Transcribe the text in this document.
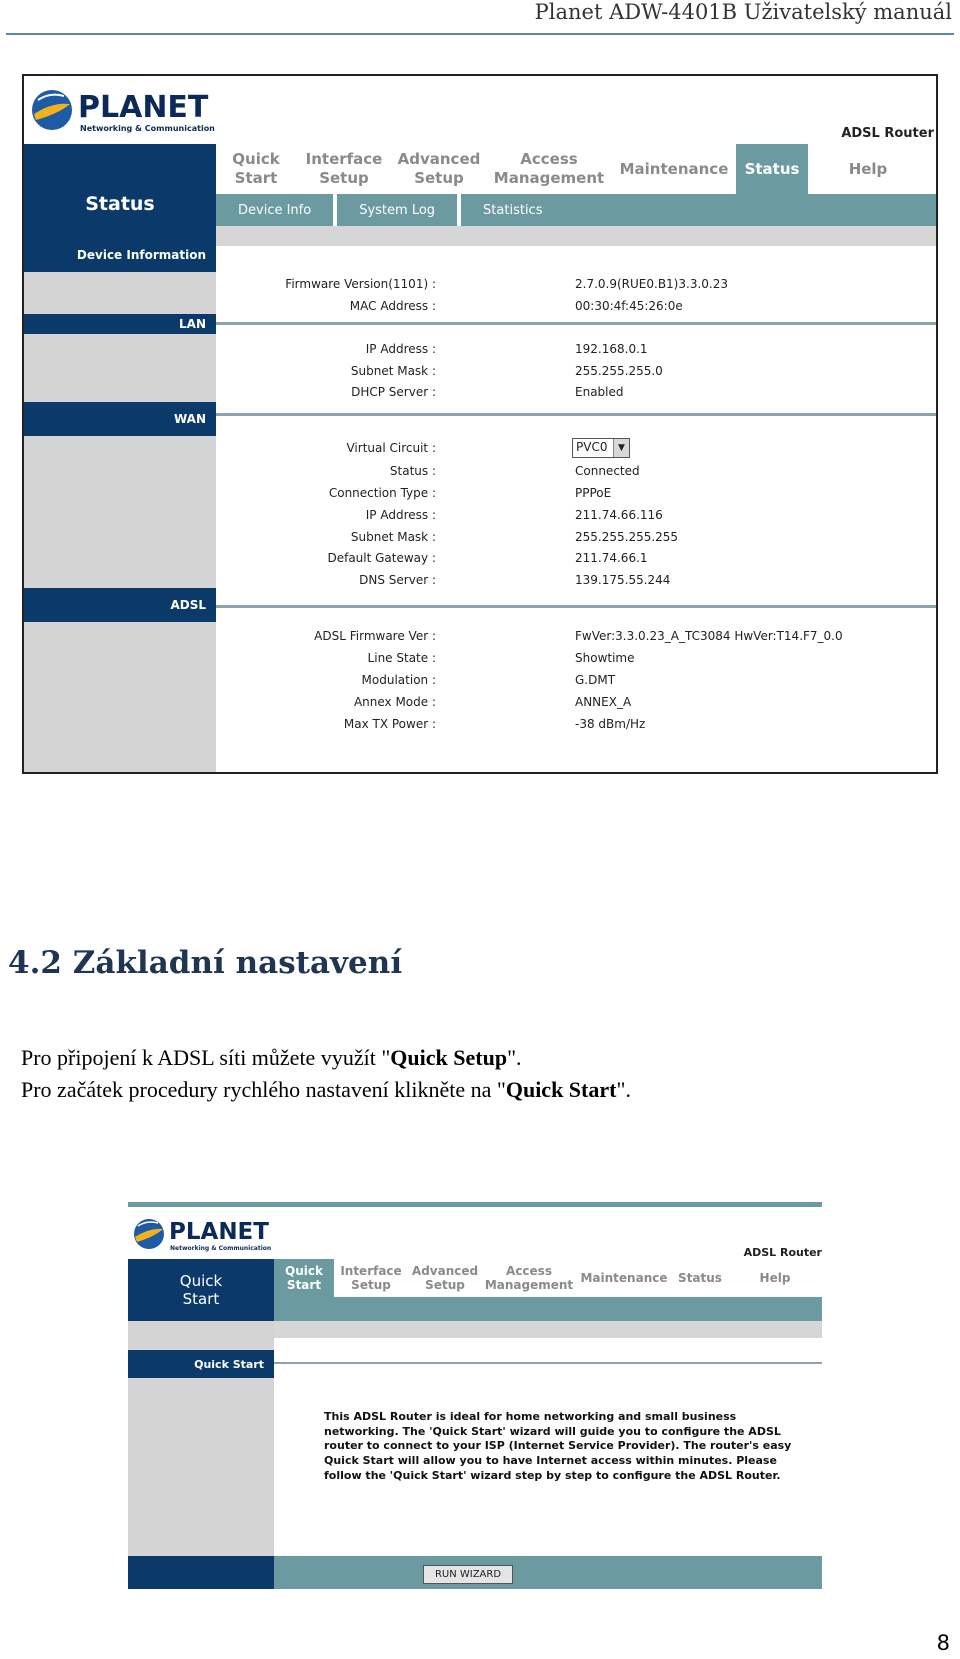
Planet ADW-4401B Uživatelský manuál
PLANET
Networking & Communication	ADSL Router
Status
Quick
Start
Interface
Setup
Advanced
Setup
Access
Management
Maintenance Status	Help
Device Info	System Log	Statistics
Device Information
Firmware Version(1101) :	2.7.0.9(RUE0.B1)3.3.0.23
MAC Address :	00:30:4f:45:26:0e
LAN
IP Address :	192.168.0.1
Subnet Mask :	255.255.255.0
DHCP Server :	Enabled
WAN
Virtual Circuit :	PVC0	▼
Status :	Connected
Connection Type :	PPPoE
IP Address :	211.74.66.116
Subnet Mask :	255.255.255.255
Default Gateway :	211.74.66.1
DNS Server :	139.175.55.244
ADSL
ADSL Firmware Ver :	FwVer:3.3.0.23_A_TC3084 HwVer:T14.F7_0.0
Line State :	Showtime
Modulation :	G.DMT
Annex Mode :	ANNEX_A
Max TX Power :	-38 dBm/Hz
4.2 Základní nastavení
Pro připojení k ADSL síti můžete využít "Quick Setup".
Pro začátek procedury rychlého nastavení klikněte na "Quick Start".
PLANET
Networking & Communication	ADSL Router
Quick
Start
Quick
Start
Interface
Setup
Advanced
Setup
Access
Management
Maintenance Status	Help
Quick Start
This ADSL Router is ideal for home networking and small business networking. The 'Quick Start' wizard will guide you to configure the ADSL router to connect to your ISP (Internet Service Provider). The router's easy Quick Start will allow you to have Internet access within minutes. Please follow the 'Quick Start' wizard step by step to configure the ADSL Router.
RUN WIZARD
8
